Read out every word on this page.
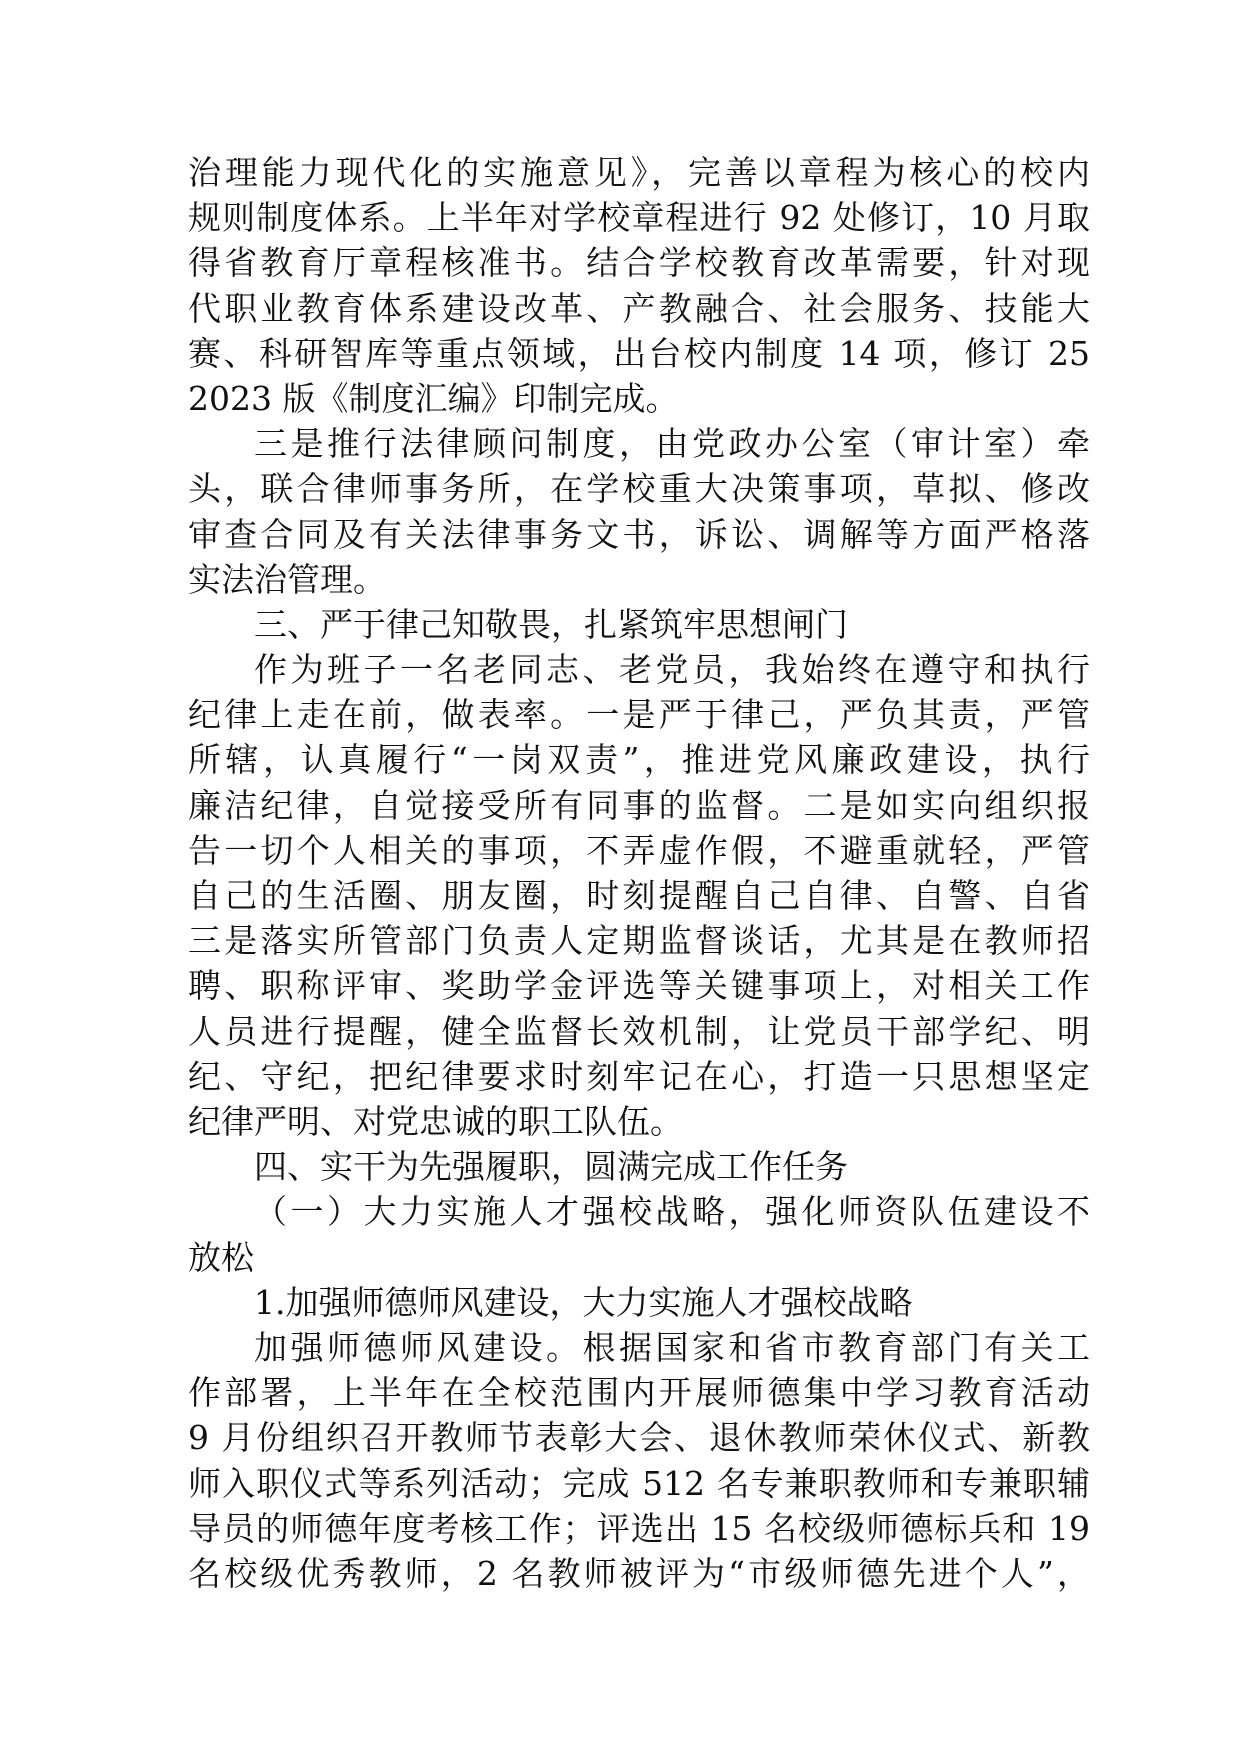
治理能力现代化的实施意见》，完善以章程为核心的校内
规则制度体系。上半年对学校章程进行 92 处修订，10 月取
得省教育厅章程核准书。结合学校教育改革需要，针对现
代职业教育体系建设改革、产教融合、社会服务、技能大
赛、科研智库等重点领域，出台校内制度 14 项，修订 25
2023 版《制度汇编》印制完成。
三是推行法律顾问制度，由党政办公室（审计室）牵
头，联合律师事务所，在学校重大决策事项，草拟、修改
审查合同及有关法律事务文书，诉讼、调解等方面严格落
实法治管理。
三、严于律己知敬畏，扎紧筑牢思想闸门
作为班子一名老同志、老党员，我始终在遵守和执行
纪律上走在前，做表率。一是严于律己，严负其责，严管
所辖，认真履行“一岗双责”，推进党风廉政建设，执行
廉洁纪律，自觉接受所有同事的监督。二是如实向组织报
告一切个人相关的事项，不弄虚作假，不避重就轻，严管
自己的生活圈、朋友圈，时刻提醒自己自律、自警、自省
三是落实所管部门负责人定期监督谈话，尤其是在教师招
聘、职称评审、奖助学金评选等关键事项上，对相关工作
人员进行提醒，健全监督长效机制，让党员干部学纪、明
纪、守纪，把纪律要求时刻牢记在心，打造一只思想坚定
纪律严明、对党忠诚的职工队伍。
四、实干为先强履职，圆满完成工作任务
（一）大力实施人才强校战略，强化师资队伍建设不
放松
1.加强师德师风建设，大力实施人才强校战略
加强师德师风建设。根据国家和省市教育部门有关工
作部署，上半年在全校范围内开展师德集中学习教育活动
9 月份组织召开教师节表彰大会、退休教师荣休仪式、新教
师入职仪式等系列活动；完成 512 名专兼职教师和专兼职辅
导员的师德年度考核工作；评选出 15 名校级师德标兵和 19
名校级优秀教师，2 名教师被评为“市级师德先进个人”，
